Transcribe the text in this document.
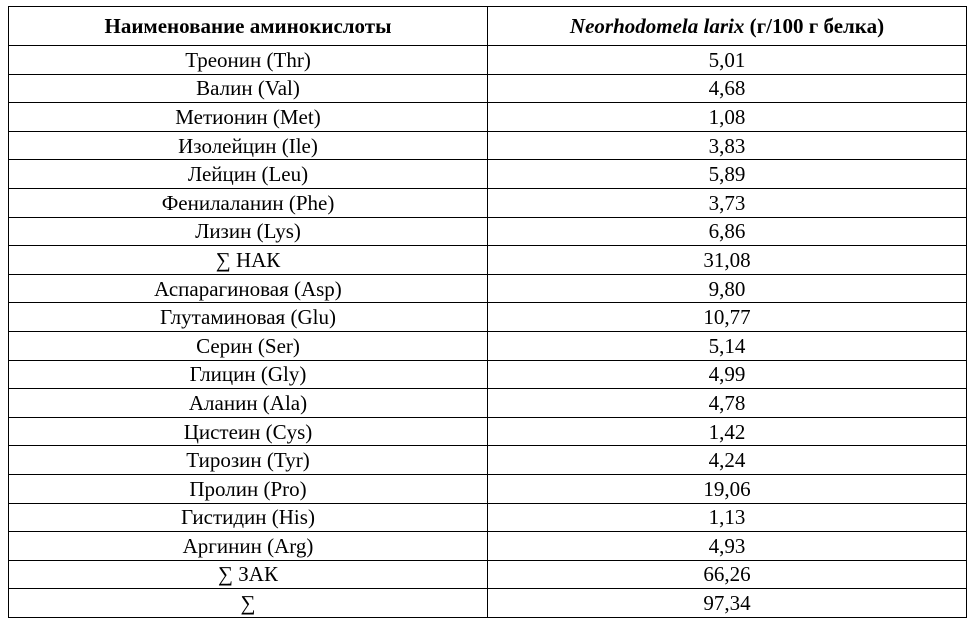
Наименование аминокислоты	Neorhodomela larix (г/100 г белка)
Треонин (Thr)	5,01
Валин (Val)	4,68
Метионин (Met)	1,08
Изолейцин (Ile)	3,83
Лейцин (Leu)	5,89
Фенилаланин (Phe)	3,73
Лизин (Lys)	6,86
∑ НАК	31,08
Аспарагиновая (Asp)	9,80
Глутаминовая (Glu)	10,77
Серин (Ser)	5,14
Глицин (Gly)	4,99
Аланин (Ala)	4,78
Цистеин (Cys)	1,42
Тирозин (Tyr)	4,24
Пролин (Pro)	19,06
Гистидин (His)	1,13
Аргинин (Arg)	4,93
∑ ЗАК	66,26
∑	97,34
